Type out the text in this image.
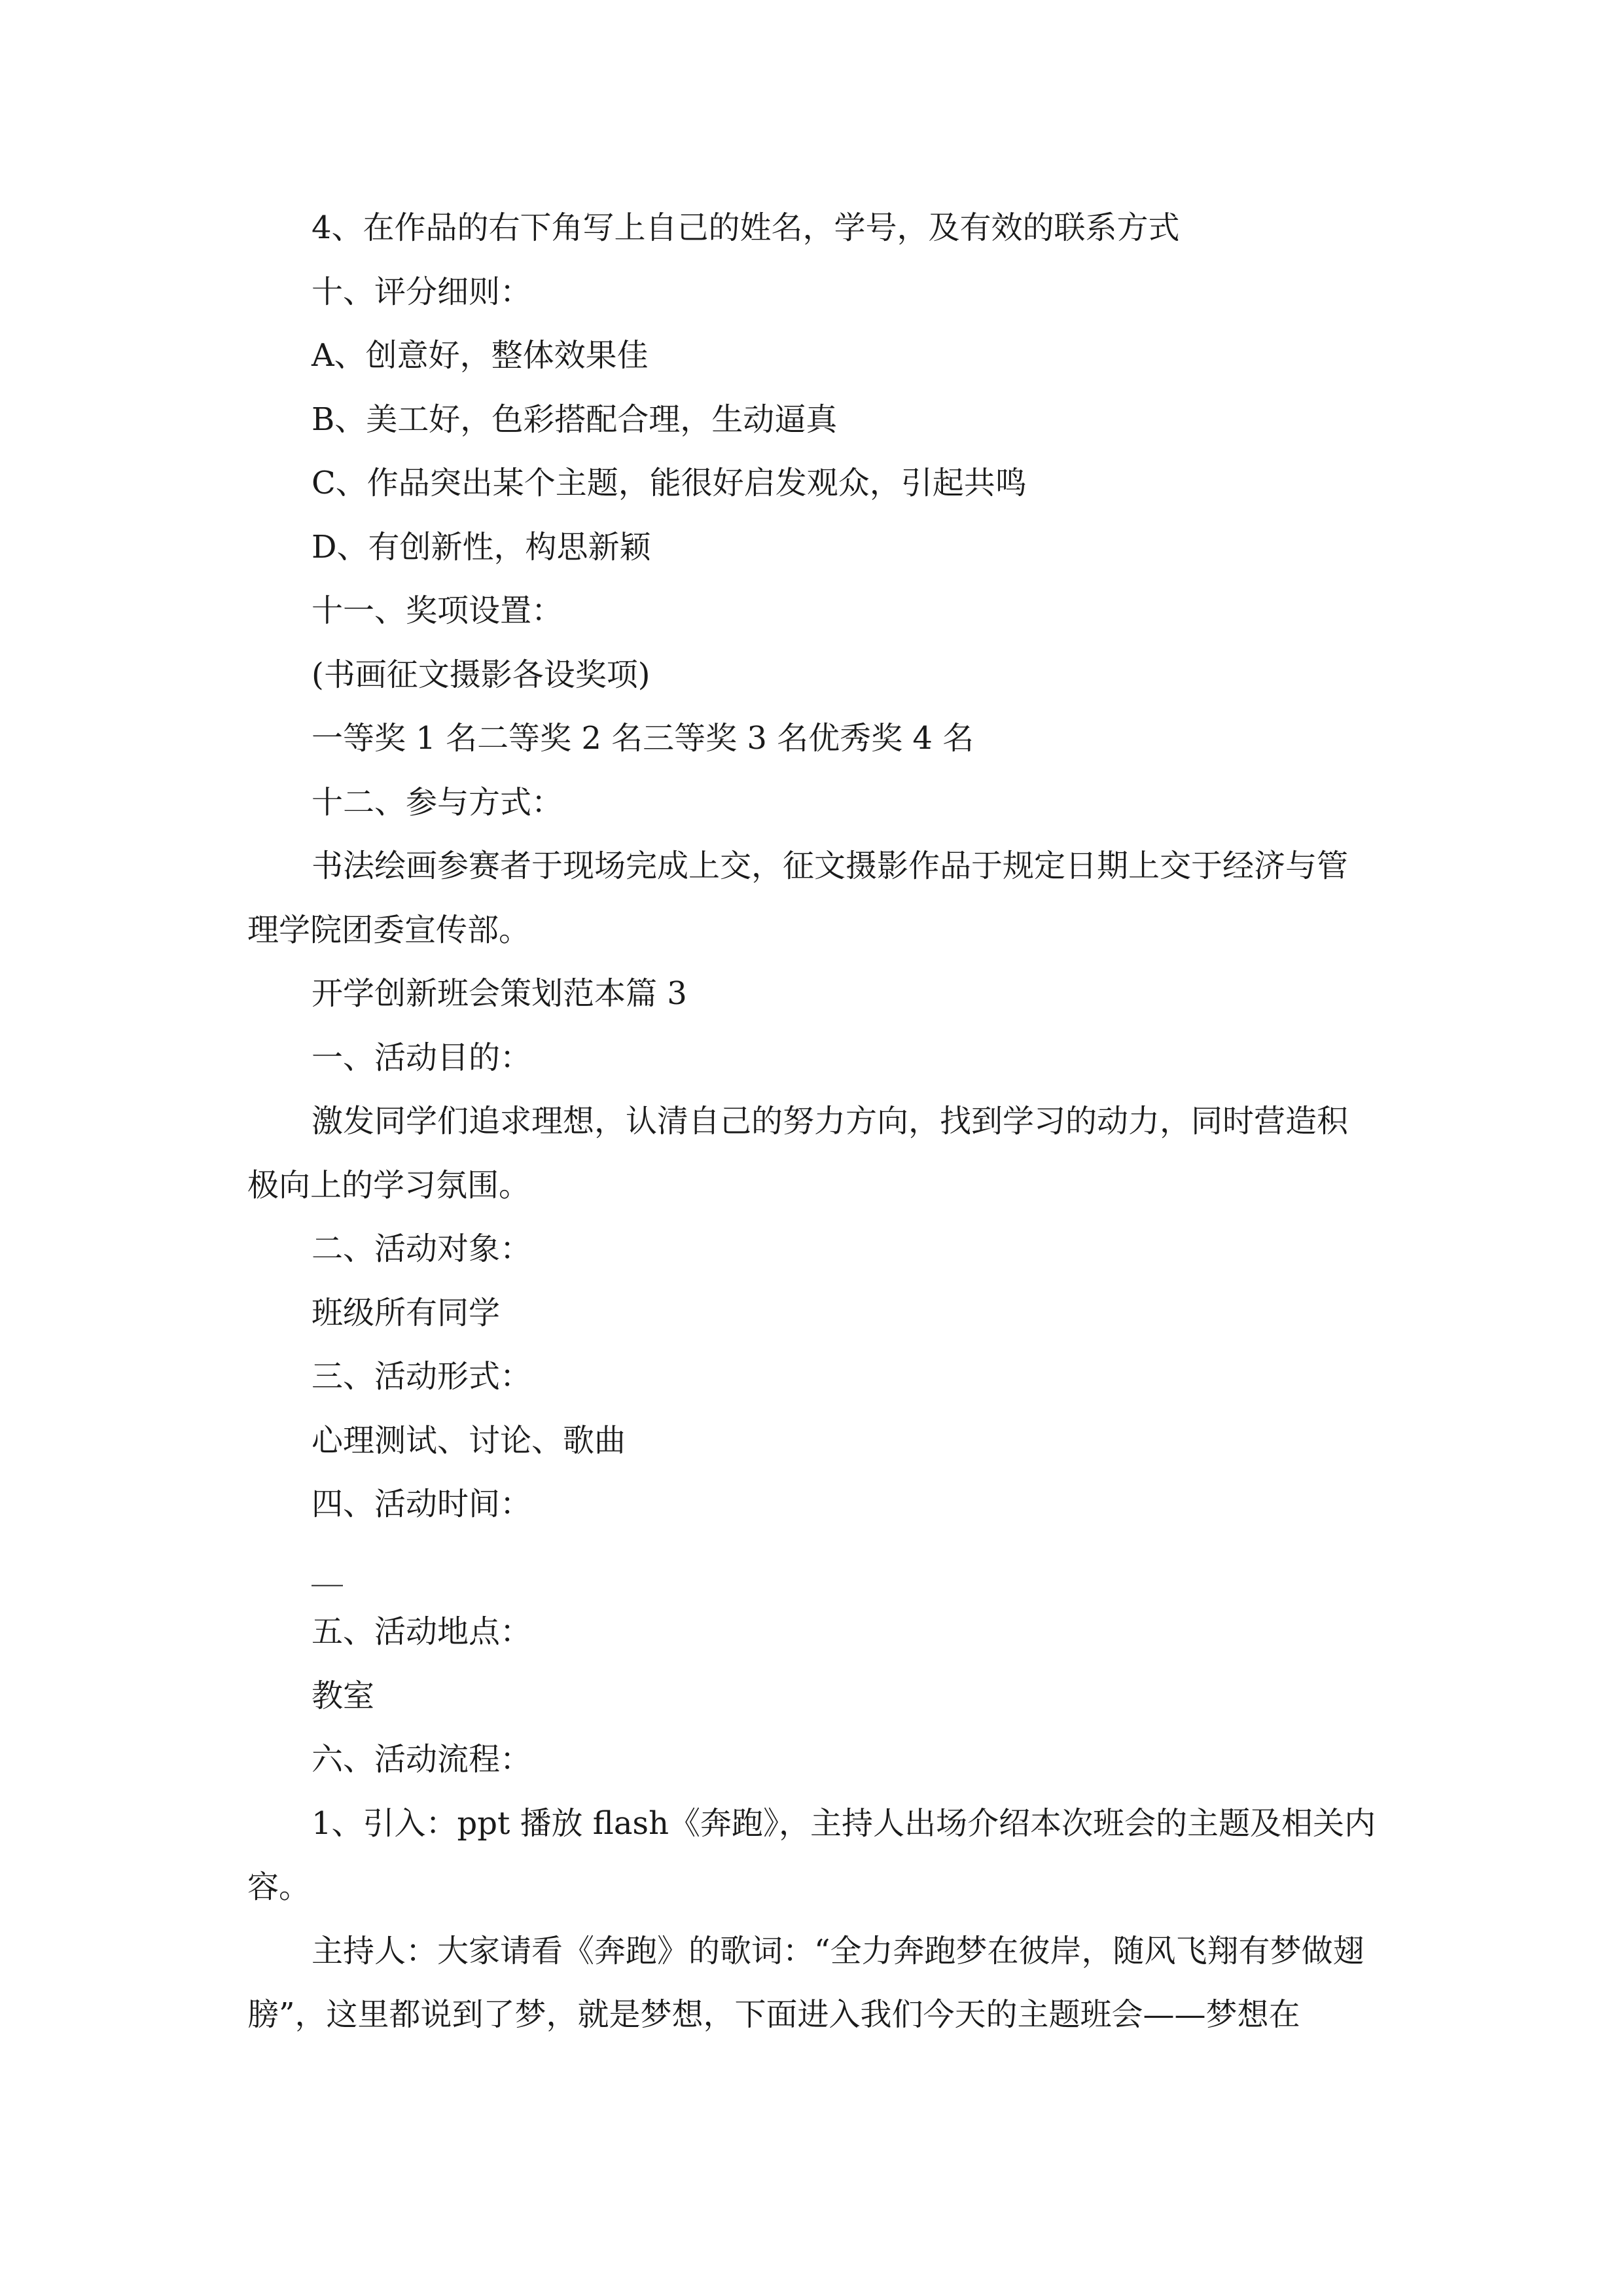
4、在作品的右下角写上自己的姓名，学号，及有效的联系方式

十、评分细则：

A、创意好，整体效果佳

B、美工好，色彩搭配合理，生动逼真

C、作品突出某个主题，能很好启发观众，引起共鸣

D、有创新性，构思新颖

十一、奖项设置：

(书画征文摄影各设奖项)

一等奖 1 名二等奖 2 名三等奖 3 名优秀奖 4 名

十二、参与方式：

书法绘画参赛者于现场完成上交，征文摄影作品于规定日期上交于经济与管理学院团委宣传部。

开学创新班会策划范本篇 3

一、活动目的：

激发同学们追求理想，认清自己的努力方向，找到学习的动力，同时营造积极向上的学习氛围。

二、活动对象：

班级所有同学

三、活动形式：

心理测试、讨论、歌曲

四、活动时间：

__

五、活动地点：

教室

六、活动流程：

1、引入：ppt 播放 flash《奔跑》，主持人出场介绍本次班会的主题及相关内容。

主持人：大家请看《奔跑》的歌词：“全力奔跑梦在彼岸，随风飞翔有梦做翅膀”，这里都说到了梦，就是梦想，下面进入我们今天的主题班会——梦想在
